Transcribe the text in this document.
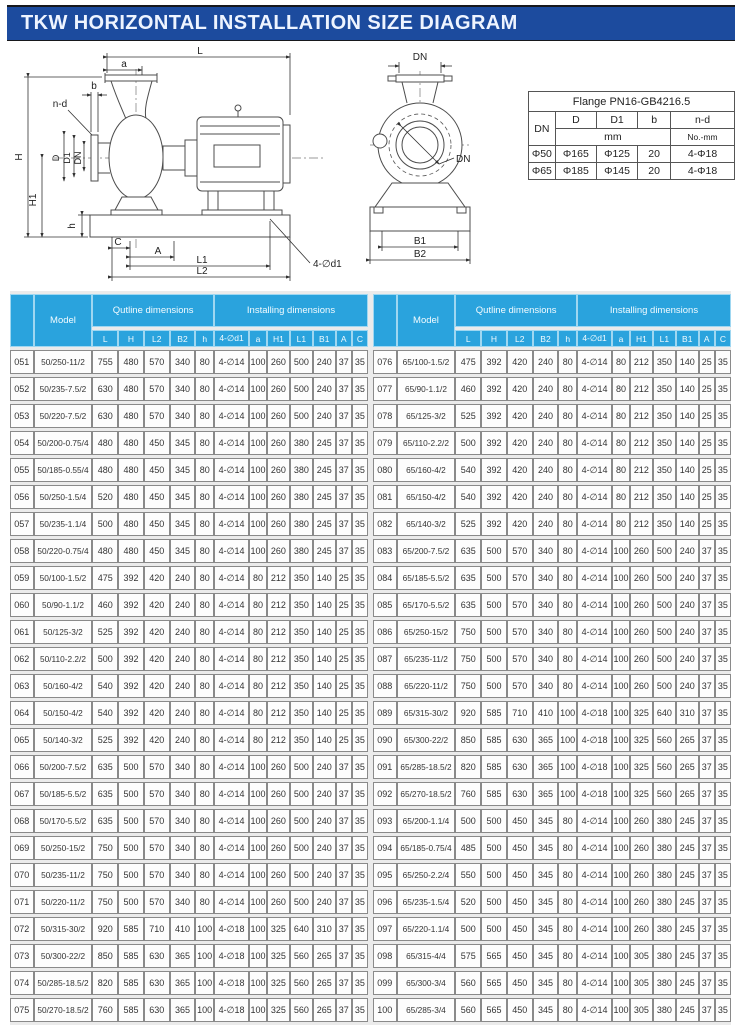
TKW HORIZONTAL INSTALLATION SIZE DIAGRAM
L
a
b
n-d
H	D D1 DN
H1
h
C
A
L1
L2
4-∅d1
DN
DN
B1
B2
Flange PN16-GB4216.5				
DN	D	D1	b	n-d
	mm			No.-mm
Φ50	Φ165	Φ125	20	4-Φ18
Φ65	Φ185	Φ145	20	4-Φ18
	Model	Qutline dimensions					Installing dimensions						
		L	H	L2	B2	h	4-∅d1	a	H1	L1	B1	A	C
051	50/250-11/2	755	480	570	340	80	4-∅14	100	260	500	240	37	35
052	50/235-7.5/2	630	480	570	340	80	4-∅14	100	260	500	240	37	35
053	50/220-7.5/2	630	480	570	340	80	4-∅14	100	260	500	240	37	35
054	50/200-0.75/4	480	480	450	345	80	4-∅14	100	260	380	245	37	35
055	50/185-0.55/4	480	480	450	345	80	4-∅14	100	260	380	245	37	35
056	50/250-1.5/4	520	480	450	345	80	4-∅14	100	260	380	245	37	35
057	50/235-1.1/4	500	480	450	345	80	4-∅14	100	260	380	245	37	35
058	50/220-0.75/4	480	480	450	345	80	4-∅14	100	260	380	245	37	35
059	50/100-1.5/2	475	392	420	240	80	4-∅14	80	212	350	140	25	35
060	50/90-1.1/2	460	392	420	240	80	4-∅14	80	212	350	140	25	35
061	50/125-3/2	525	392	420	240	80	4-∅14	80	212	350	140	25	35
062	50/110-2.2/2	500	392	420	240	80	4-∅14	80	212	350	140	25	35
063	50/160-4/2	540	392	420	240	80	4-∅14	80	212	350	140	25	35
064	50/150-4/2	540	392	420	240	80	4-∅14	80	212	350	140	25	35
065	50/140-3/2	525	392	420	240	80	4-∅14	80	212	350	140	25	35
066	50/200-7.5/2	635	500	570	340	80	4-∅14	100	260	500	240	37	35
067	50/185-5.5/2	635	500	570	340	80	4-∅14	100	260	500	240	37	35
068	50/170-5.5/2	635	500	570	340	80	4-∅14	100	260	500	240	37	35
069	50/250-15/2	750	500	570	340	80	4-∅14	100	260	500	240	37	35
070	50/235-11/2	750	500	570	340	80	4-∅14	100	260	500	240	37	35
071	50/220-11/2	750	500	570	340	80	4-∅14	100	260	500	240	37	35
072	50/315-30/2	920	585	710	410	100	4-∅18	100	325	640	310	37	35
073	50/300-22/2	850	585	630	365	100	4-∅18	100	325	560	265	37	35
074	50/285-18.5/2	820	585	630	365	100	4-∅18	100	325	560	265	37	35
075	50/270-18.5/2	760	585	630	365	100	4-∅18	100	325	560	265	37	35
	Model	Qutline dimensions					Installing dimensions						
		L	H	L2	B2	h	4-∅d1	a	H1	L1	B1	A	C
076	65/100-1.5/2	475	392	420	240	80	4-∅14	80	212	350	140	25	35
077	65/90-1.1/2	460	392	420	240	80	4-∅14	80	212	350	140	25	35
078	65/125-3/2	525	392	420	240	80	4-∅14	80	212	350	140	25	35
079	65/110-2.2/2	500	392	420	240	80	4-∅14	80	212	350	140	25	35
080	65/160-4/2	540	392	420	240	80	4-∅14	80	212	350	140	25	35
081	65/150-4/2	540	392	420	240	80	4-∅14	80	212	350	140	25	35
082	65/140-3/2	525	392	420	240	80	4-∅14	80	212	350	140	25	35
083	65/200-7.5/2	635	500	570	340	80	4-∅14	100	260	500	240	37	35
084	65/185-5.5/2	635	500	570	340	80	4-∅14	100	260	500	240	37	35
085	65/170-5.5/2	635	500	570	340	80	4-∅14	100	260	500	240	37	35
086	65/250-15/2	750	500	570	340	80	4-∅14	100	260	500	240	37	35
087	65/235-11/2	750	500	570	340	80	4-∅14	100	260	500	240	37	35
088	65/220-11/2	750	500	570	340	80	4-∅14	100	260	500	240	37	35
089	65/315-30/2	920	585	710	410	100	4-∅18	100	325	640	310	37	35
090	65/300-22/2	850	585	630	365	100	4-∅18	100	325	560	265	37	35
091	65/285-18.5/2	820	585	630	365	100	4-∅18	100	325	560	265	37	35
092	65/270-18.5/2	760	585	630	365	100	4-∅18	100	325	560	265	37	35
093	65/200-1.1/4	500	500	450	345	80	4-∅14	100	260	380	245	37	35
094	65/185-0.75/4	485	500	450	345	80	4-∅14	100	260	380	245	37	35
095	65/250-2.2/4	550	500	450	345	80	4-∅14	100	260	380	245	37	35
096	65/235-1.5/4	520	500	450	345	80	4-∅14	100	260	380	245	37	35
097	65/220-1.1/4	500	500	450	345	80	4-∅14	100	260	380	245	37	35
098	65/315-4/4	575	565	450	345	80	4-∅14	100	305	380	245	37	35
099	65/300-3/4	560	565	450	345	80	4-∅14	100	305	380	245	37	35
100	65/285-3/4	560	565	450	345	80	4-∅14	100	305	380	245	37	35
